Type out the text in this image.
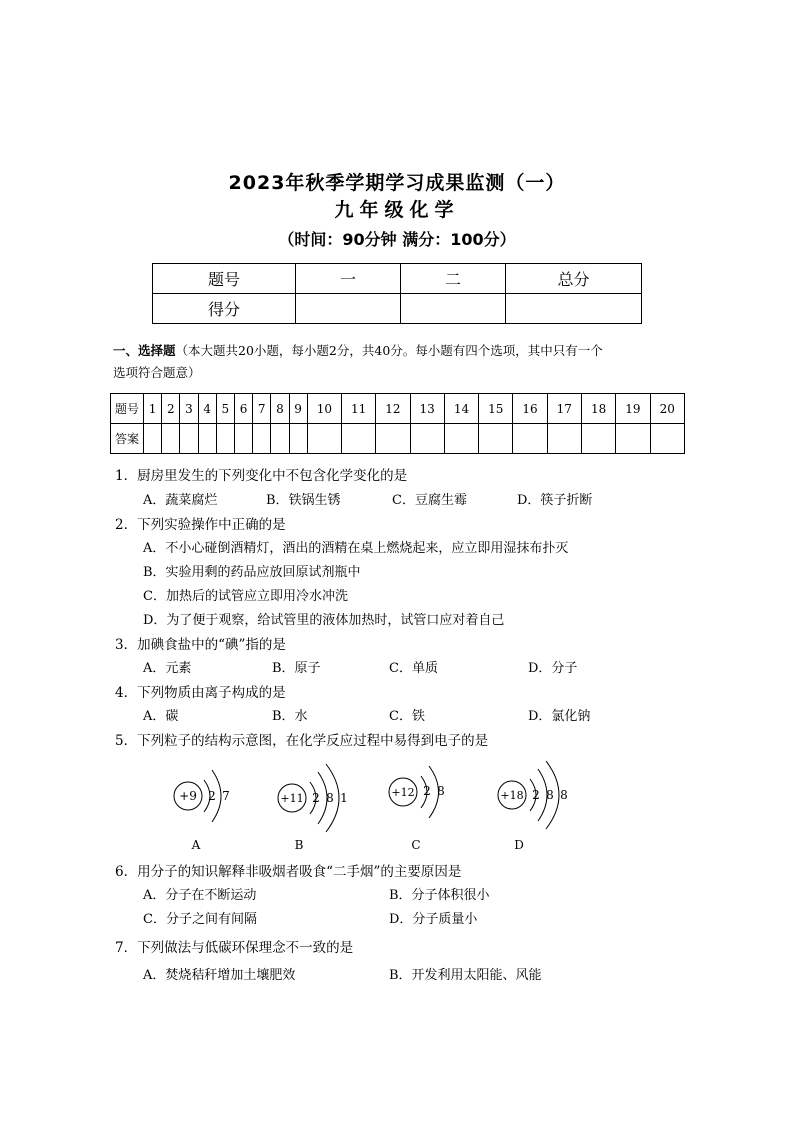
2023年秋季学期学习成果监测（一）
九年级化学
（时间：90分钟 满分：100分）
题号	一	二	总分
得分			
一、选择题（本大题共20小题，每小题2分，共40分。每小题有四个选项，其中只有一个
选项符合题意）
题号	1	2	3	4	5	6	7	8	9	10	11	12	13	14	15	16	17	18	19	20
答案																				
1．厨房里发生的下列变化中不包含化学变化的是
A．蔬菜腐烂	B．铁锅生锈	C．豆腐生霉	D．筷子折断
2．下列实验操作中正确的是
A．不小心碰倒酒精灯，酒出的酒精在桌上燃烧起来，应立即用湿抹布扑灭
B．实验用剩的药品应放回原试剂瓶中
C．加热后的试管应立即用冷水冲洗
D．为了便于观察，给试管里的液体加热时，试管口应对着自己
3．加碘食盐中的“碘”指的是
A．元素	B．原子	C．单质	D．分子
4．下列物质由离子构成的是
A．碳	B．水	C．铁	D．氯化钠
5．下列粒子的结构示意图，在化学反应过程中易得到电子的是
+9 2 7
A
+11 2 8 1
B
+12 2 8
C
+18 2 8 8
D
6．用分子的知识解释非吸烟者吸食“二手烟”的主要原因是
A．分子在不断运动	B．分子体积很小
C．分子之间有间隔	D．分子质量小
7．下列做法与低碳环保理念不一致的是
A．焚烧秸秆增加土壤肥效	B．开发利用太阳能、风能
